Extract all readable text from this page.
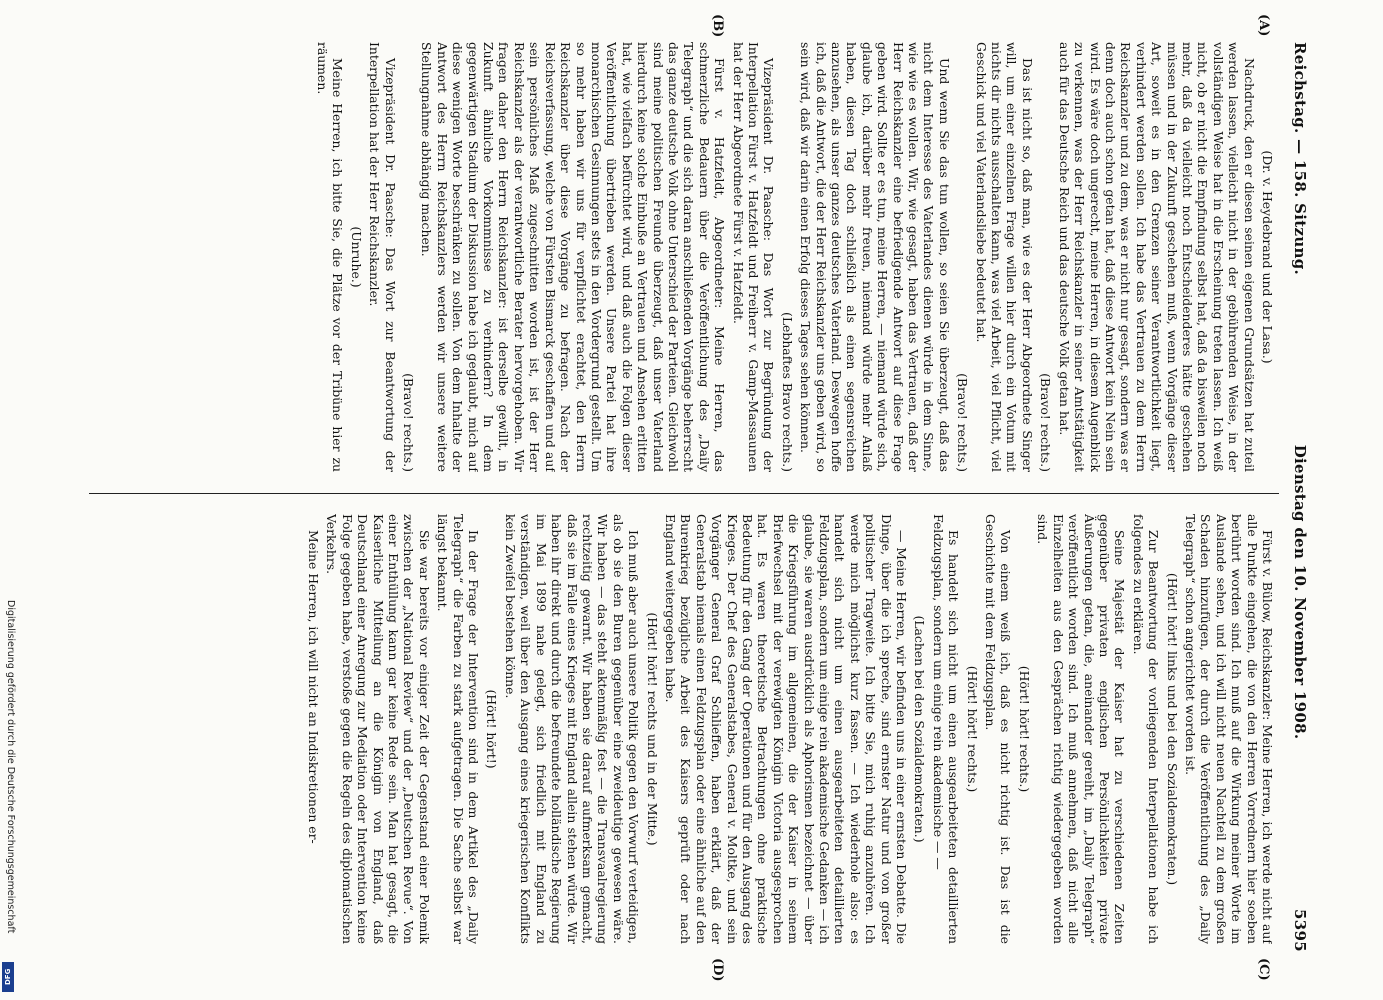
Reichstag. — 158. Sitzung.
Dienstag den 10. November 1908.
5395
(A)
(B)
(C)
(D)

(Dr. v. Heydebrand und der Lasa.)

Nachdruck, den er diesen seinen eigenen Grundsätzen hat zuteil werden lassen, vielleicht nicht in der gebührenden Weise, in der vollständigen Weise hat in die Erscheinung treten lassen. Ich weiß nicht, ob er nicht die Empfindung selbst hat, daß da bisweilen noch mehr, daß da vielleicht noch Entscheidenderes hätte geschehen müssen und in der Zukunft geschehen muß, wenn Vorgänge dieser Art, soweit es in den Grenzen seiner Verantwortlichkeit liegt, verhindert werden sollen. Ich habe das Vertrauen zu dem Herrn Reichskanzler und zu dem, was er nicht nur gesagt, sondern was er denn doch auch schon getan hat, daß diese Antwort kein Nein sein wird. Es wäre doch ungerecht, meine Herren, in diesem Augenblick zu verkennen, was der Herr Reichskanzler in seiner Amtstätigkeit auch für das Deutsche Reich und das deutsche Volk getan hat.

(Bravo! rechts.)

Das ist nicht so, daß man, wie es der Herr Abgeordnete Singer will, um einer einzelnen Frage willen hier durch ein Votum mit nichts dir nichts ausschalten kann, was viel Arbeit, viel Pflicht, viel Geschick und viel Vaterlandsliebe bedeutet hat.

(Bravo! rechts.)

Und wenn Sie das tun wollen, so seien Sie überzeugt, daß das nicht dem Interesse des Vaterlandes dienen würde in dem Sinne, wie wie es wollen. Wir, wie gesagt, haben das Vertrauen, daß der Herr Reichskanzler eine befriedigende Antwort auf diese Frage geben wird. Sollte er es tun, meine Herren, — niemand würde sich, glaube ich, darüber mehr freuen, niemand würde mehr Anlaß haben, diesen Tag doch schließlich als einen segensreichen anzusehen, als unser ganzes deutsches Vaterland. Deswegen hoffe ich, daß die Antwort, die der Herr Reichskanzler uns geben wird, so sein wird, daß wir darin einen Erfolg dieses Tages sehen können.

(Lebhaftes Bravo rechts.)

Vizepräsident Dr. Paasche: Das Wort zur Begründung der Interpellation Fürst v. Hatzfeldt und Freiherr v. Gamp-Massaunen hat der Herr Abgeordnete Fürst v. Hatzfeldt.

Fürst v. Hatzfeldt, Abgeordneter: Meine Herren, das schmerzliche Bedauern über die Veröffentlichung des „Daily Telegraph“ und die sich daran anschließenden Vorgänge beherrscht das ganze deutsche Volk ohne Unterschied der Parteien. Gleichwohl sind meine politischen Freunde überzeugt, daß unser Vaterland hierdurch keine solche Einbuße an Vertrauen und Ansehen erlitten hat, wie vielfach befürchtet wird, und daß auch die Folgen dieser Veröffentlichung übertrieben werden. Unsere Partei hat ihre monarchischen Gesinnungen stets in den Vordergrund gestellt. Um so mehr haben wir uns für verpflichtet erachtet, den Herrn Reichskanzler über diese Vorgänge zu befragen. Nach der Reichsverfassung, welche von Fürsten Bismarck geschaffen und auf sein persönliches Maß zugeschnitten worden ist, ist der Herr Reichskanzler als der verantwortliche Berater hervorgehoben. Wir fragen daher den Herrn Reichskanzler: ist derselbe gewillt, in Zukunft ähnliche Vorkommnisse zu verhindern? In dem gegenwärtigen Stadium der Diskussion habe ich geglaubt, mich auf diese wenigen Worte beschränken zu sollen. Von dem Inhalte der Antwort des Herrn Reichskanzlers werden wir unsere weitere Stellungnahme abhängig machen.

(Bravo! rechts.)

Vizepräsident Dr. Paasche: Das Wort zur Beantwortung der Interpellation hat der Herr Reichskanzler.

(Unruhe.)

Meine Herren, ich bitte Sie, die Plätze vor der Tribüne hier zu räumen.

Fürst v. Bülow, Reichskanzler: Meine Herren, ich werde nicht auf alle Punkte eingehen, die von den Herren Vorrednern hier soeben berührt worden sind. Ich muß auf die Wirkung meiner Worte im Auslande sehen, und ich will nicht neuen Nachteil zu dem großen Schaden hinzufügen, der durch die Veröffentlichung des „Daily Telegraph“ schon angerichtet worden ist.

(Hört! hört! links und bei den Sozialdemokraten.)

Zur Beantwortung der vorliegenden Interpellationen habe ich folgendes zu erklären.

Seine Majestät der Kaiser hat zu verschiedenen Zeiten gegenüber privaten englischen Persönlichkeiten private Äußerungen getan, die, aneinander gereiht, im „Daily Telegraph“ veröffentlicht worden sind. Ich muß annehmen, daß nicht alle Einzelheiten aus den Gesprächen richtig wiedergegeben worden sind.

(Hört! hört! rechts.)

Von einem weiß ich, daß es nicht richtig ist. Das ist die Geschichte mit dem Feldzugsplan.

(Hört! hört! rechts.)

Es handelt sich nicht um einen ausgearbeiteten detaillierten Feldzugsplan, sondern um einige rein akademische — —

(Lachen bei den Sozialdemokraten.)

— Meine Herren, wir befinden uns in einer ernsten Debatte. Die Dinge, über die ich spreche, sind ernster Natur und von großer politischer Tragweite. Ich bitte Sie, mich ruhig anzuhören. Ich werde mich möglichst kurz fassen. — Ich wiederhole also: es handelt sich nicht um einen ausgearbeiteten detaillierten Feldzugsplan, sondern um einige rein akademische Gedanken — ich glaube, sie waren ausdrücklich als Aphorismen bezeichnet — über die Kriegsführung im allgemeinen, die der Kaiser in seinem Briefwechsel mit der verewigten Königin Victoria ausgesprochen hat. Es waren theoretische Betrachtungen ohne praktische Bedeutung für den Gang der Operationen und für den Ausgang des Krieges. Der Chef des Generalstabes, General v. Moltke, und sein Vorgänger General Graf Schlieffen, haben erklärt, daß der Generalstab niemals einen Feldzugsplan oder eine ähnliche auf den Burenkrieg bezügliche Arbeit des Kaisers geprüft oder nach England weitergegeben habe.

(Hört! hört! rechts und in der Mitte.)

Ich muß aber auch unsere Politik gegen den Vorwurf verteidigen, als ob sie den Buren gegenüber eine zweideutige gewesen wäre. Wir haben — das steht aktenmäßig fest — die Transvaalregierung rechtzeitig gewarnt. Wir haben sie darauf aufmerksam gemacht, daß sie im Falle eines Krieges mit England allein stehen würde. Wir haben ihr direkt und durch die befreundete holländische Regierung im Mai 1899 nahe gelegt, sich friedlich mit England zu verständigen, weil über den Ausgang eines kriegerischen Konflikts kein Zweifel bestehen könne.

(Hört! hört!)

In der Frage der Intervention sind in dem Artikel des „Daily Telegraph“ die Farben zu stark aufgetragen. Die Sache selbst war längst bekannt.

Sie war bereits vor einiger Zeit der Gegenstand einer Polemik zwischen der „National Review“ und der „Deutschen Revue“. Von einer Enthüllung kann gar keine Rede sein. Man hat gesagt, die Kaiserliche Mitteilung an die Königin von England, daß Deutschland einer Anregung zur Mediation oder Intervention keine Folge gegeben habe, verstoße gegen die Regeln des diplomatischen Verkehrs.

Meine Herren, ich will nicht an Indiskretionen er-

Digitalisierung gefördert durch die Deutsche Forschungsgemeinschaft
DFG
